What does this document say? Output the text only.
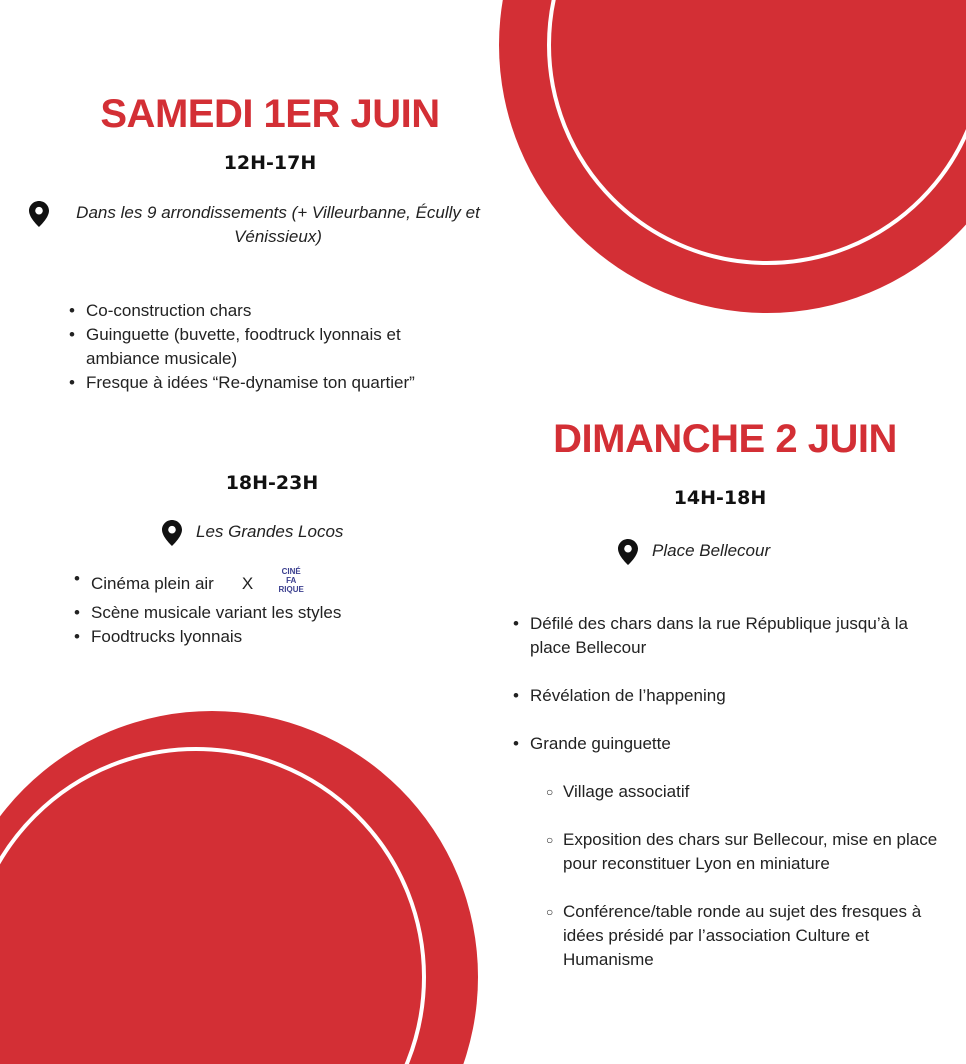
SAMEDI 1ER JUIN
12H-17H
Dans les 9 arrondissements (+ Villeurbanne, Écully et Vénissieux)
• Co-construction chars
• Guinguette (buvette, foodtruck lyonnais et ambiance musicale)
• Fresque à idées “Re-dynamise ton quartier”
18H-23H
Les Grandes Locos
• Cinéma plein air X
CINÉ
FA
RIQUE
• Scène musicale variant les styles
• Foodtrucks lyonnais
DIMANCHE 2 JUIN
14H-18H
Place Bellecour
• Défilé des chars dans la rue République jusqu’à la place Bellecour
• Révélation de l’happening
• Grande guinguette
○ Village associatif
○ Exposition des chars sur Bellecour, mise en place pour reconstituer Lyon en miniature
○ Conférence/table ronde au sujet des fresques à idées présidé par l’association Culture et Humanisme
